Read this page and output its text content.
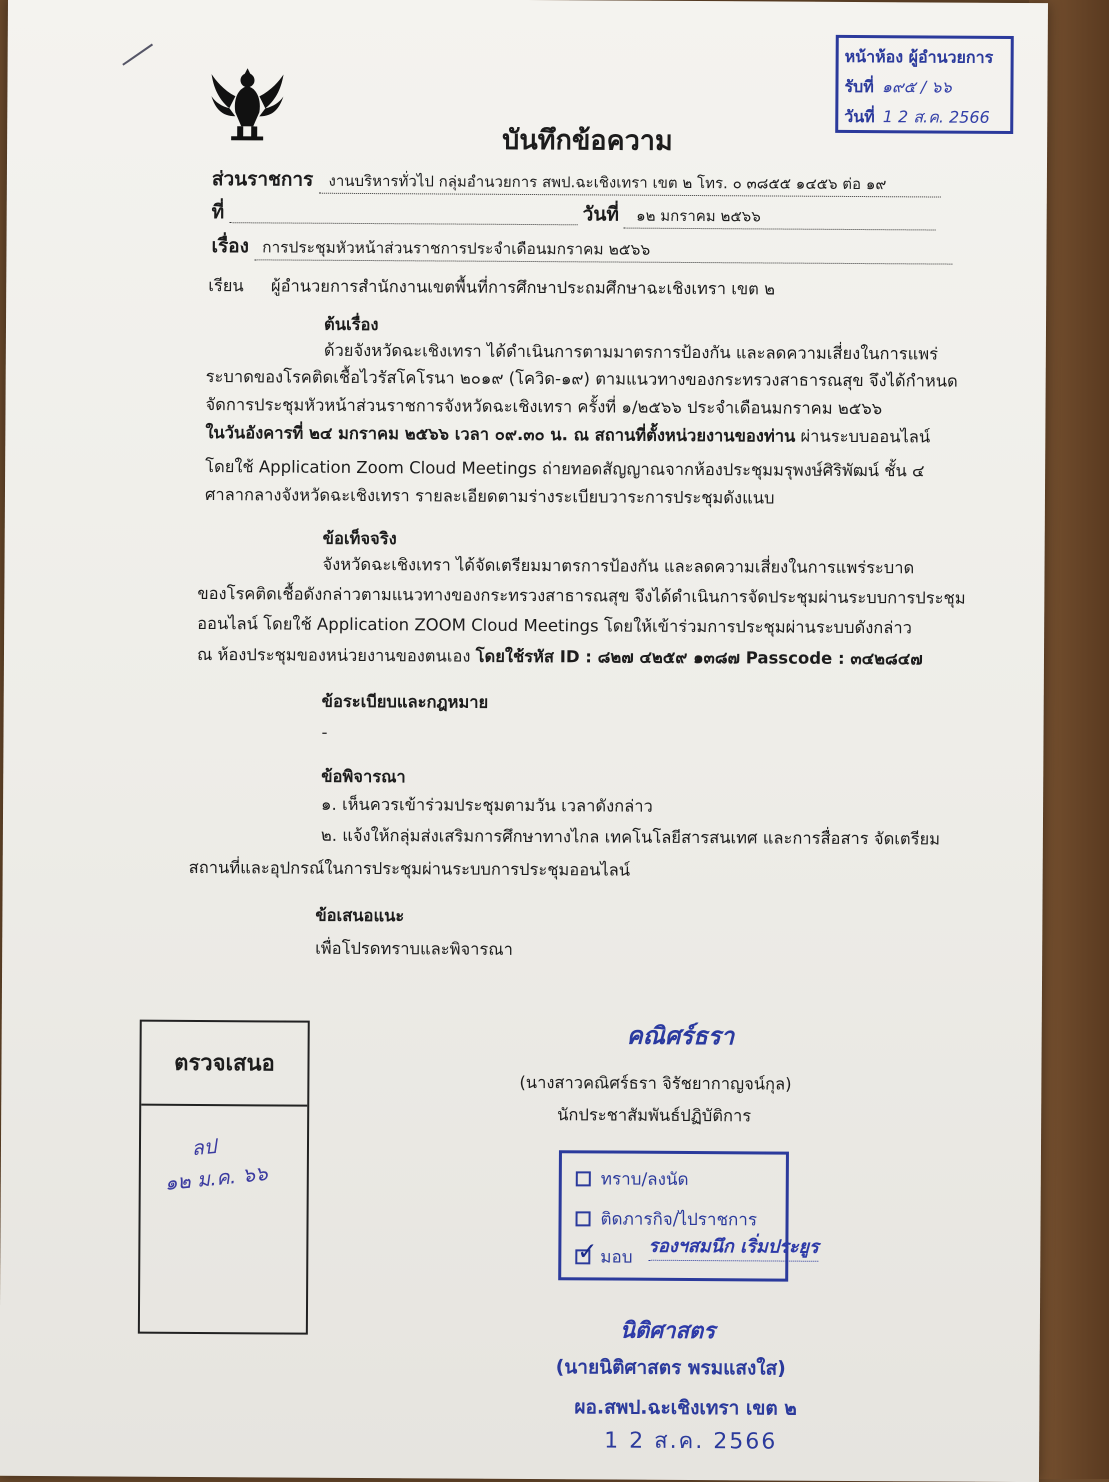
หน้าห้อง ผู้อำนวยการ
รับที่ ๑๙๕ / ๖๖
วันที่ 1 2 ส.ค. 2566
บันทึกข้อความ
ส่วนราชการ งานบริหารทั่วไป กลุ่มอำนวยการ สพป.ฉะเชิงเทรา เขต ๒ โทร. ๐ ๓๘๕๕ ๑๔๕๖ ต่อ ๑๙
ที่	วันที่ ๑๒ มกราคม ๒๕๖๖
เรื่อง การประชุมหัวหน้าส่วนราชการประจำเดือนมกราคม ๒๕๖๖
เรียน ผู้อำนวยการสำนักงานเขตพื้นที่การศึกษาประถมศึกษาฉะเชิงเทรา เขต ๒
ต้นเรื่อง
ด้วยจังหวัดฉะเชิงเทรา ได้ดำเนินการตามมาตรการป้องกัน และลดความเสี่ยงในการแพร่
ระบาดของโรคติดเชื้อไวรัสโคโรนา ๒๐๑๙ (โควิด-๑๙) ตามแนวทางของกระทรวงสาธารณสุข จึงได้กำหนด
จัดการประชุมหัวหน้าส่วนราชการจังหวัดฉะเชิงเทรา ครั้งที่ ๑/๒๕๖๖ ประจำเดือนมกราคม ๒๕๖๖
ในวันอังคารที่ ๒๔ มกราคม ๒๕๖๖ เวลา ๐๙.๓๐ น. ณ สถานที่ตั้งหน่วยงานของท่าน ผ่านระบบออนไลน์
โดยใช้ Application Zoom Cloud Meetings ถ่ายทอดสัญญาณจากห้องประชุมมรุพงษ์ศิริพัฒน์ ชั้น ๔
ศาลากลางจังหวัดฉะเชิงเทรา รายละเอียดตามร่างระเบียบวาระการประชุมดังแนบ
ข้อเท็จจริง
จังหวัดฉะเชิงเทรา ได้จัดเตรียมมาตรการป้องกัน และลดความเสี่ยงในการแพร่ระบาด
ของโรคติดเชื้อดังกล่าวตามแนวทางของกระทรวงสาธารณสุข จึงได้ดำเนินการจัดประชุมผ่านระบบการประชุม
ออนไลน์ โดยใช้ Application ZOOM Cloud Meetings โดยให้เข้าร่วมการประชุมผ่านระบบดังกล่าว
ณ ห้องประชุมของหน่วยงานของตนเอง โดยใช้รหัส ID : ๘๒๗ ๔๒๕๙ ๑๓๘๗ Passcode : ๓๔๒๘๔๗
ข้อระเบียบและกฎหมาย
-
ข้อพิจารณา
๑. เห็นควรเข้าร่วมประชุมตามวัน เวลาดังกล่าว
๒. แจ้งให้กลุ่มส่งเสริมการศึกษาทางไกล เทคโนโลยีสารสนเทศ และการสื่อสาร จัดเตรียม
สถานที่และอุปกรณ์ในการประชุมผ่านระบบการประชุมออนไลน์
ข้อเสนอแนะ
เพื่อโปรดทราบและพิจารณา
คณิศร์ธรา
(นางสาวคณิศร์ธรา จิรัชยากาญจน์กุล)
นักประชาสัมพันธ์ปฏิบัติการ
ตรวจเสนอ
ลป
๑๒ ม.ค. ๖๖	ทราบ/ลงนัด
ติดภารกิจ/ไปราชการ
✓ มอบ รองฯสมนึก เริ่มประยูร
นิติศาสตร
(นายนิติศาสตร พรมแสงใส)
ผอ.สพป.ฉะเชิงเทรา เขต ๒
1 2 ส.ค. 2566
